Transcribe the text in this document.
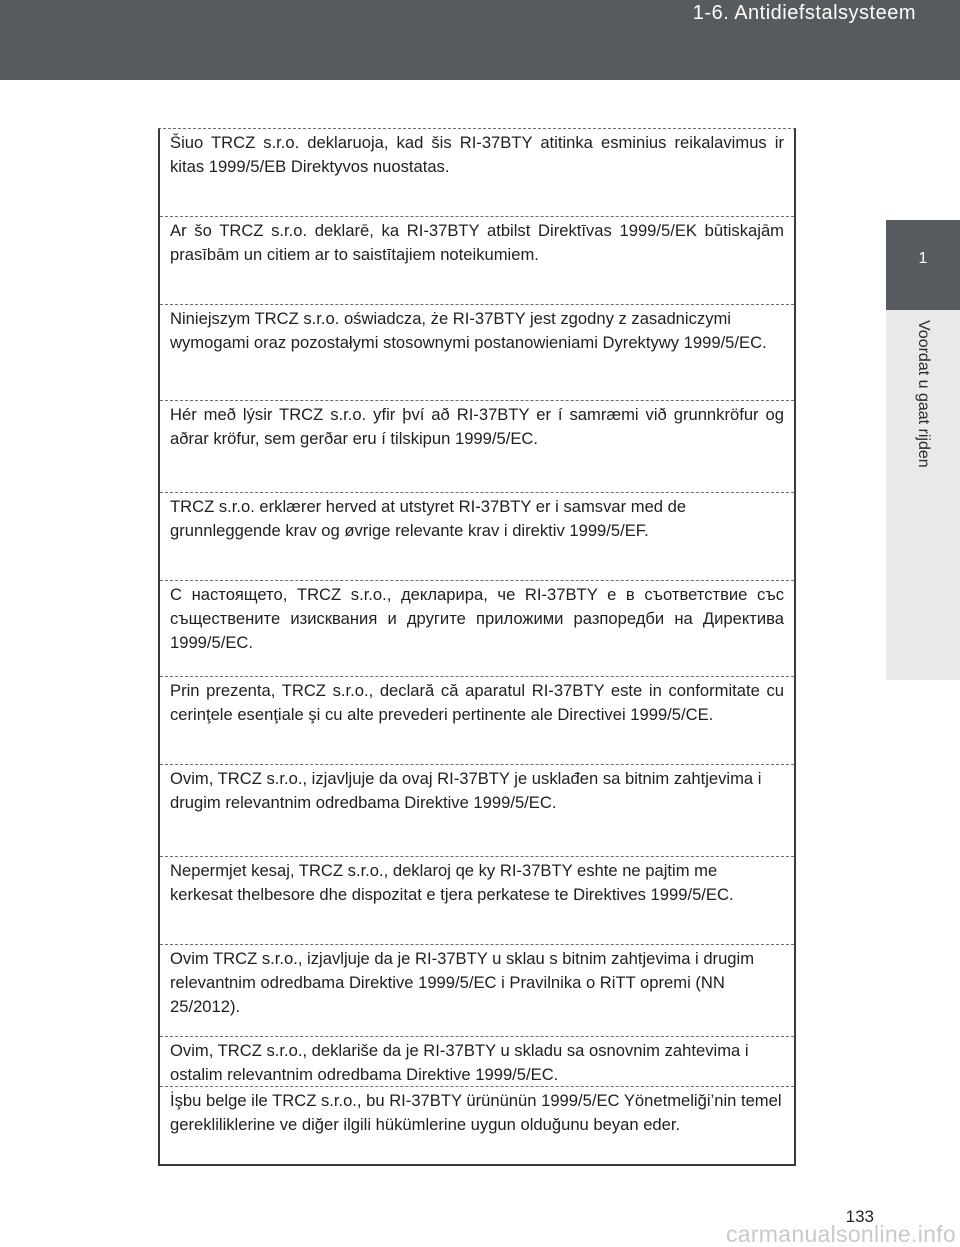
1-6. Antidiefstalsysteem
1
Voordat u gaat rijden
Šiuo TRCZ s.r.o. deklaruoja, kad šis RI-37BTY atitinka esminius reikalavimus ir kitas 1999/5/EB Direktyvos nuostatas.
Ar šo TRCZ s.r.o. deklarē, ka RI-37BTY atbilst Direktīvas 1999/5/EK būtiskajām prasībām un citiem ar to saistītajiem noteikumiem.
Niniejszym TRCZ s.r.o. oświadcza, że RI-37BTY jest zgodny z zasadniczymi wymogami oraz pozostałymi stosownymi postanowieniami Dyrektywy 1999/5/EC.
Hér með lýsir TRCZ s.r.o. yfir því að RI-37BTY er í samræmi við grunnkröfur og aðrar kröfur, sem gerðar eru í tilskipun 1999/5/EC.
TRCZ s.r.o. erklærer herved at utstyret RI-37BTY er i samsvar med de grunnleggende krav og øvrige relevante krav i direktiv 1999/5/EF.
С настоящето, TRCZ s.r.o., декларира, че RI-37BTY е в съответствие със съществените изисквания и другите приложими разпоредби на Директива 1999/5/ЕС.
Prin prezenta, TRCZ s.r.o., declară că aparatul RI-37BTY este in conformitate cu cerinţele esenţiale şi cu alte prevederi pertinente ale Directivei 1999/5/CE.
Ovim, TRCZ s.r.o., izjavljuje da ovaj RI-37BTY je usklađen sa bitnim zahtjevima i drugim relevantnim odredbama Direktive 1999/5/EC.
Nepermjet kesaj, TRCZ s.r.o., deklaroj qe ky RI-37BTY eshte ne pajtim me kerkesat thelbesore dhe dispozitat e tjera perkatese te Direktives 1999/5/EC.
Ovim TRCZ s.r.o., izjavljuje da je RI-37BTY u sklau s bitnim zahtjevima i drugim relevantnim odredbama Direktive 1999/5/EC i Pravilnika o RiTT opremi (NN 25/2012).
Ovim, TRCZ s.r.o., deklariše da je RI-37BTY u skladu sa osnovnim zahtevima i ostalim relevantnim odredbama Direktive 1999/5/EC.
İşbu belge ile TRCZ s.r.o., bu RI-37BTY ürününün 1999/5/EC Yönetmeliği’nin temel gerekliliklerine ve diğer ilgili hükümlerine uygun olduğunu beyan eder.
133
carmanualsonline.info
